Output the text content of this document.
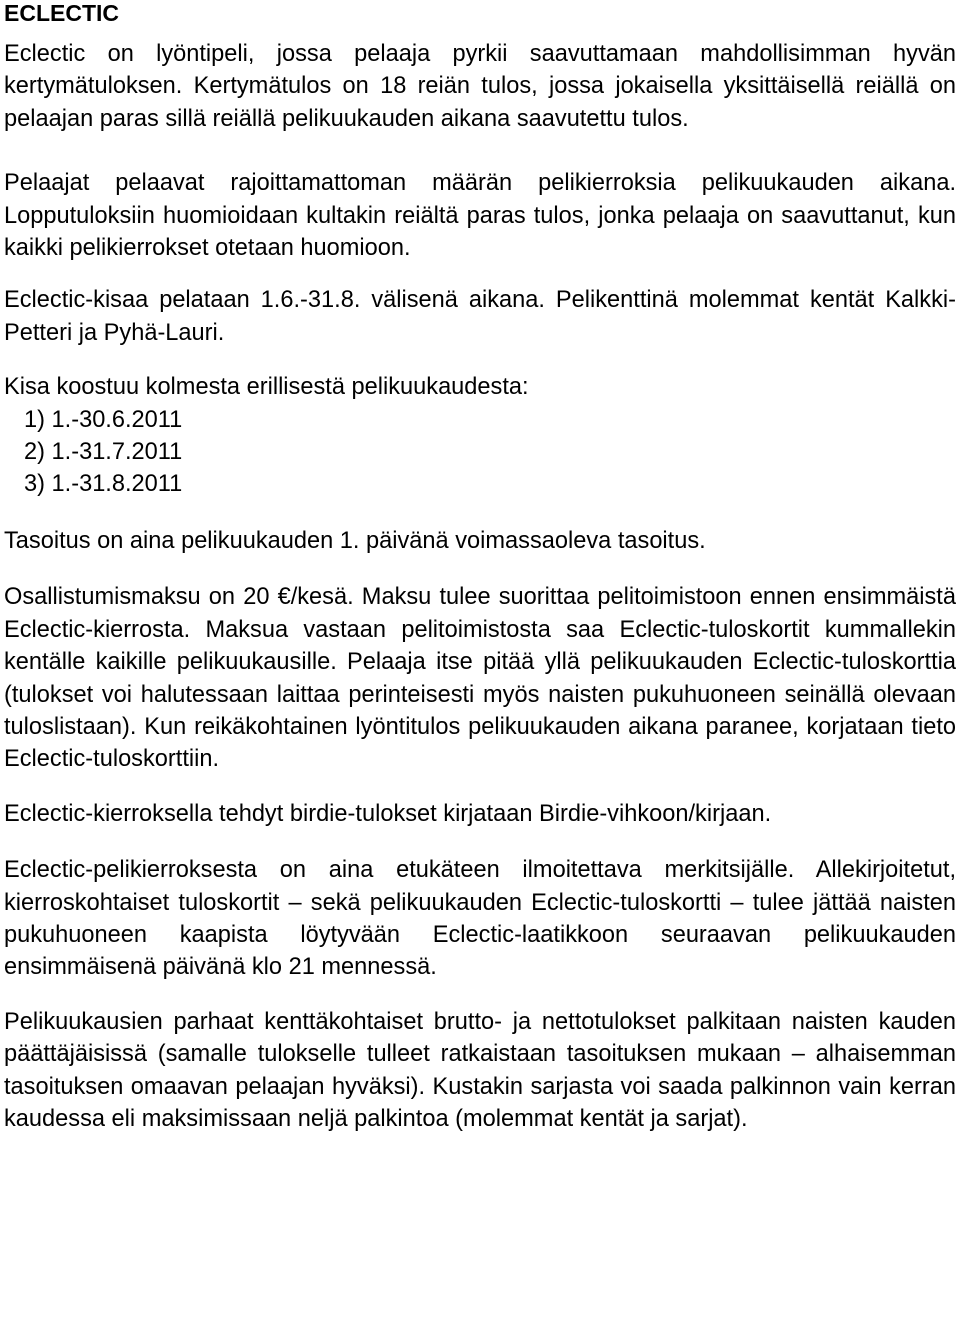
ECLECTIC

Eclectic on lyöntipeli, jossa pelaaja pyrkii saavuttamaan mahdollisimman hyvän kertymätuloksen. Kertymätulos on 18 reiän tulos, jossa jokaisella yksittäisellä reiällä on pelaajan paras sillä reiällä pelikuukauden aikana saavutettu tulos.

Pelaajat pelaavat rajoittamattoman määrän pelikierroksia pelikuukauden aikana. Lopputuloksiin huomioidaan kultakin reiältä paras tulos, jonka pelaaja on saavuttanut, kun kaikki pelikierrokset otetaan huomioon.

Eclectic-kisaa pelataan 1.6.-31.8. välisenä aikana. Pelikenttinä molemmat kentät Kalkki-Petteri ja Pyhä-Lauri.

Kisa koostuu kolmesta erillisestä pelikuukaudesta:

1) 1.-30.6.2011
2) 1.-31.7.2011
3) 1.-31.8.2011

Tasoitus on aina pelikuukauden 1. päivänä voimassaoleva tasoitus.

Osallistumismaksu on 20 €/kesä. Maksu tulee suorittaa pelitoimistoon ennen ensimmäistä Eclectic-kierrosta. Maksua vastaan pelitoimistosta saa Eclectic-tuloskortit kummallekin kentälle kaikille pelikuukausille. Pelaaja itse pitää yllä pelikuukauden Eclectic-tuloskorttia (tulokset voi halutessaan laittaa perinteisesti myös naisten pukuhuoneen seinällä olevaan tuloslistaan). Kun reikäkohtainen lyöntitulos pelikuukauden aikana paranee, korjataan tieto Eclectic-tuloskorttiin.

Eclectic-kierroksella tehdyt birdie-tulokset kirjataan Birdie-vihkoon/kirjaan.

Eclectic-pelikierroksesta on aina etukäteen ilmoitettava merkitsijälle. Allekirjoitetut, kierroskohtaiset tuloskortit – sekä pelikuukauden Eclectic-tuloskortti – tulee jättää naisten pukuhuoneen kaapista löytyvään Eclectic-laatikkoon seuraavan pelikuukauden ensimmäisenä päivänä klo 21 mennessä.

Pelikuukausien parhaat kenttäkohtaiset brutto- ja nettotulokset palkitaan naisten kauden päättäjäisissä (samalle tulokselle tulleet ratkaistaan tasoituksen mukaan – alhaisemman tasoituksen omaavan pelaajan hyväksi). Kustakin sarjasta voi saada palkinnon vain kerran kaudessa eli maksimissaan neljä palkintoa (molemmat kentät ja sarjat).
